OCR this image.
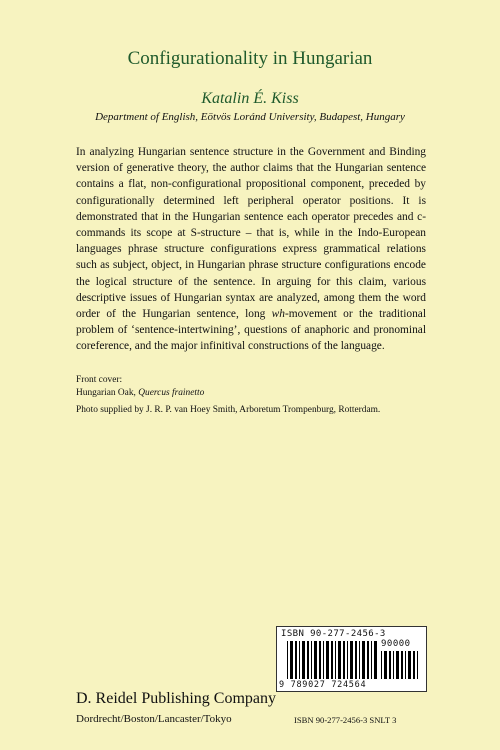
Configurationality in Hungarian
Katalin É. Kiss
Department of English, Eötvös Loránd University, Budapest, Hungary

In analyzing Hungarian sentence structure in the Government and Binding version of generative theory, the author claims that the Hungarian sentence contains a flat, non-configurational propositional component, preceded by configurationally determined left peripheral operator positions. It is demonstrated that in the Hungarian sentence each operator precedes and c-commands its scope at S-structure – that is, while in the Indo-European languages phrase structure configurations express grammatical relations such as subject, object, in Hungarian phrase structure configurations encode the logical structure of the sentence. In arguing for this claim, various descriptive issues of Hungarian syntax are analyzed, among them the word order of the Hungarian sentence, long wh-movement or the traditional problem of ‘sentence-intertwining’, questions of anaphoric and pronominal coreference, and the major infinitival constructions of the language.

Front cover:
Hungarian Oak, Quercus frainetto
Photo supplied by J. R. P. van Hoey Smith, Arboretum Trompenburg, Rotterdam.
ISBN 90-277-2456-3
90000
9 789027 724564
D. Reidel Publishing Company
Dordrecht/Boston/Lancaster/Tokyo	ISBN 90-277-2456-3 SNLT 3
